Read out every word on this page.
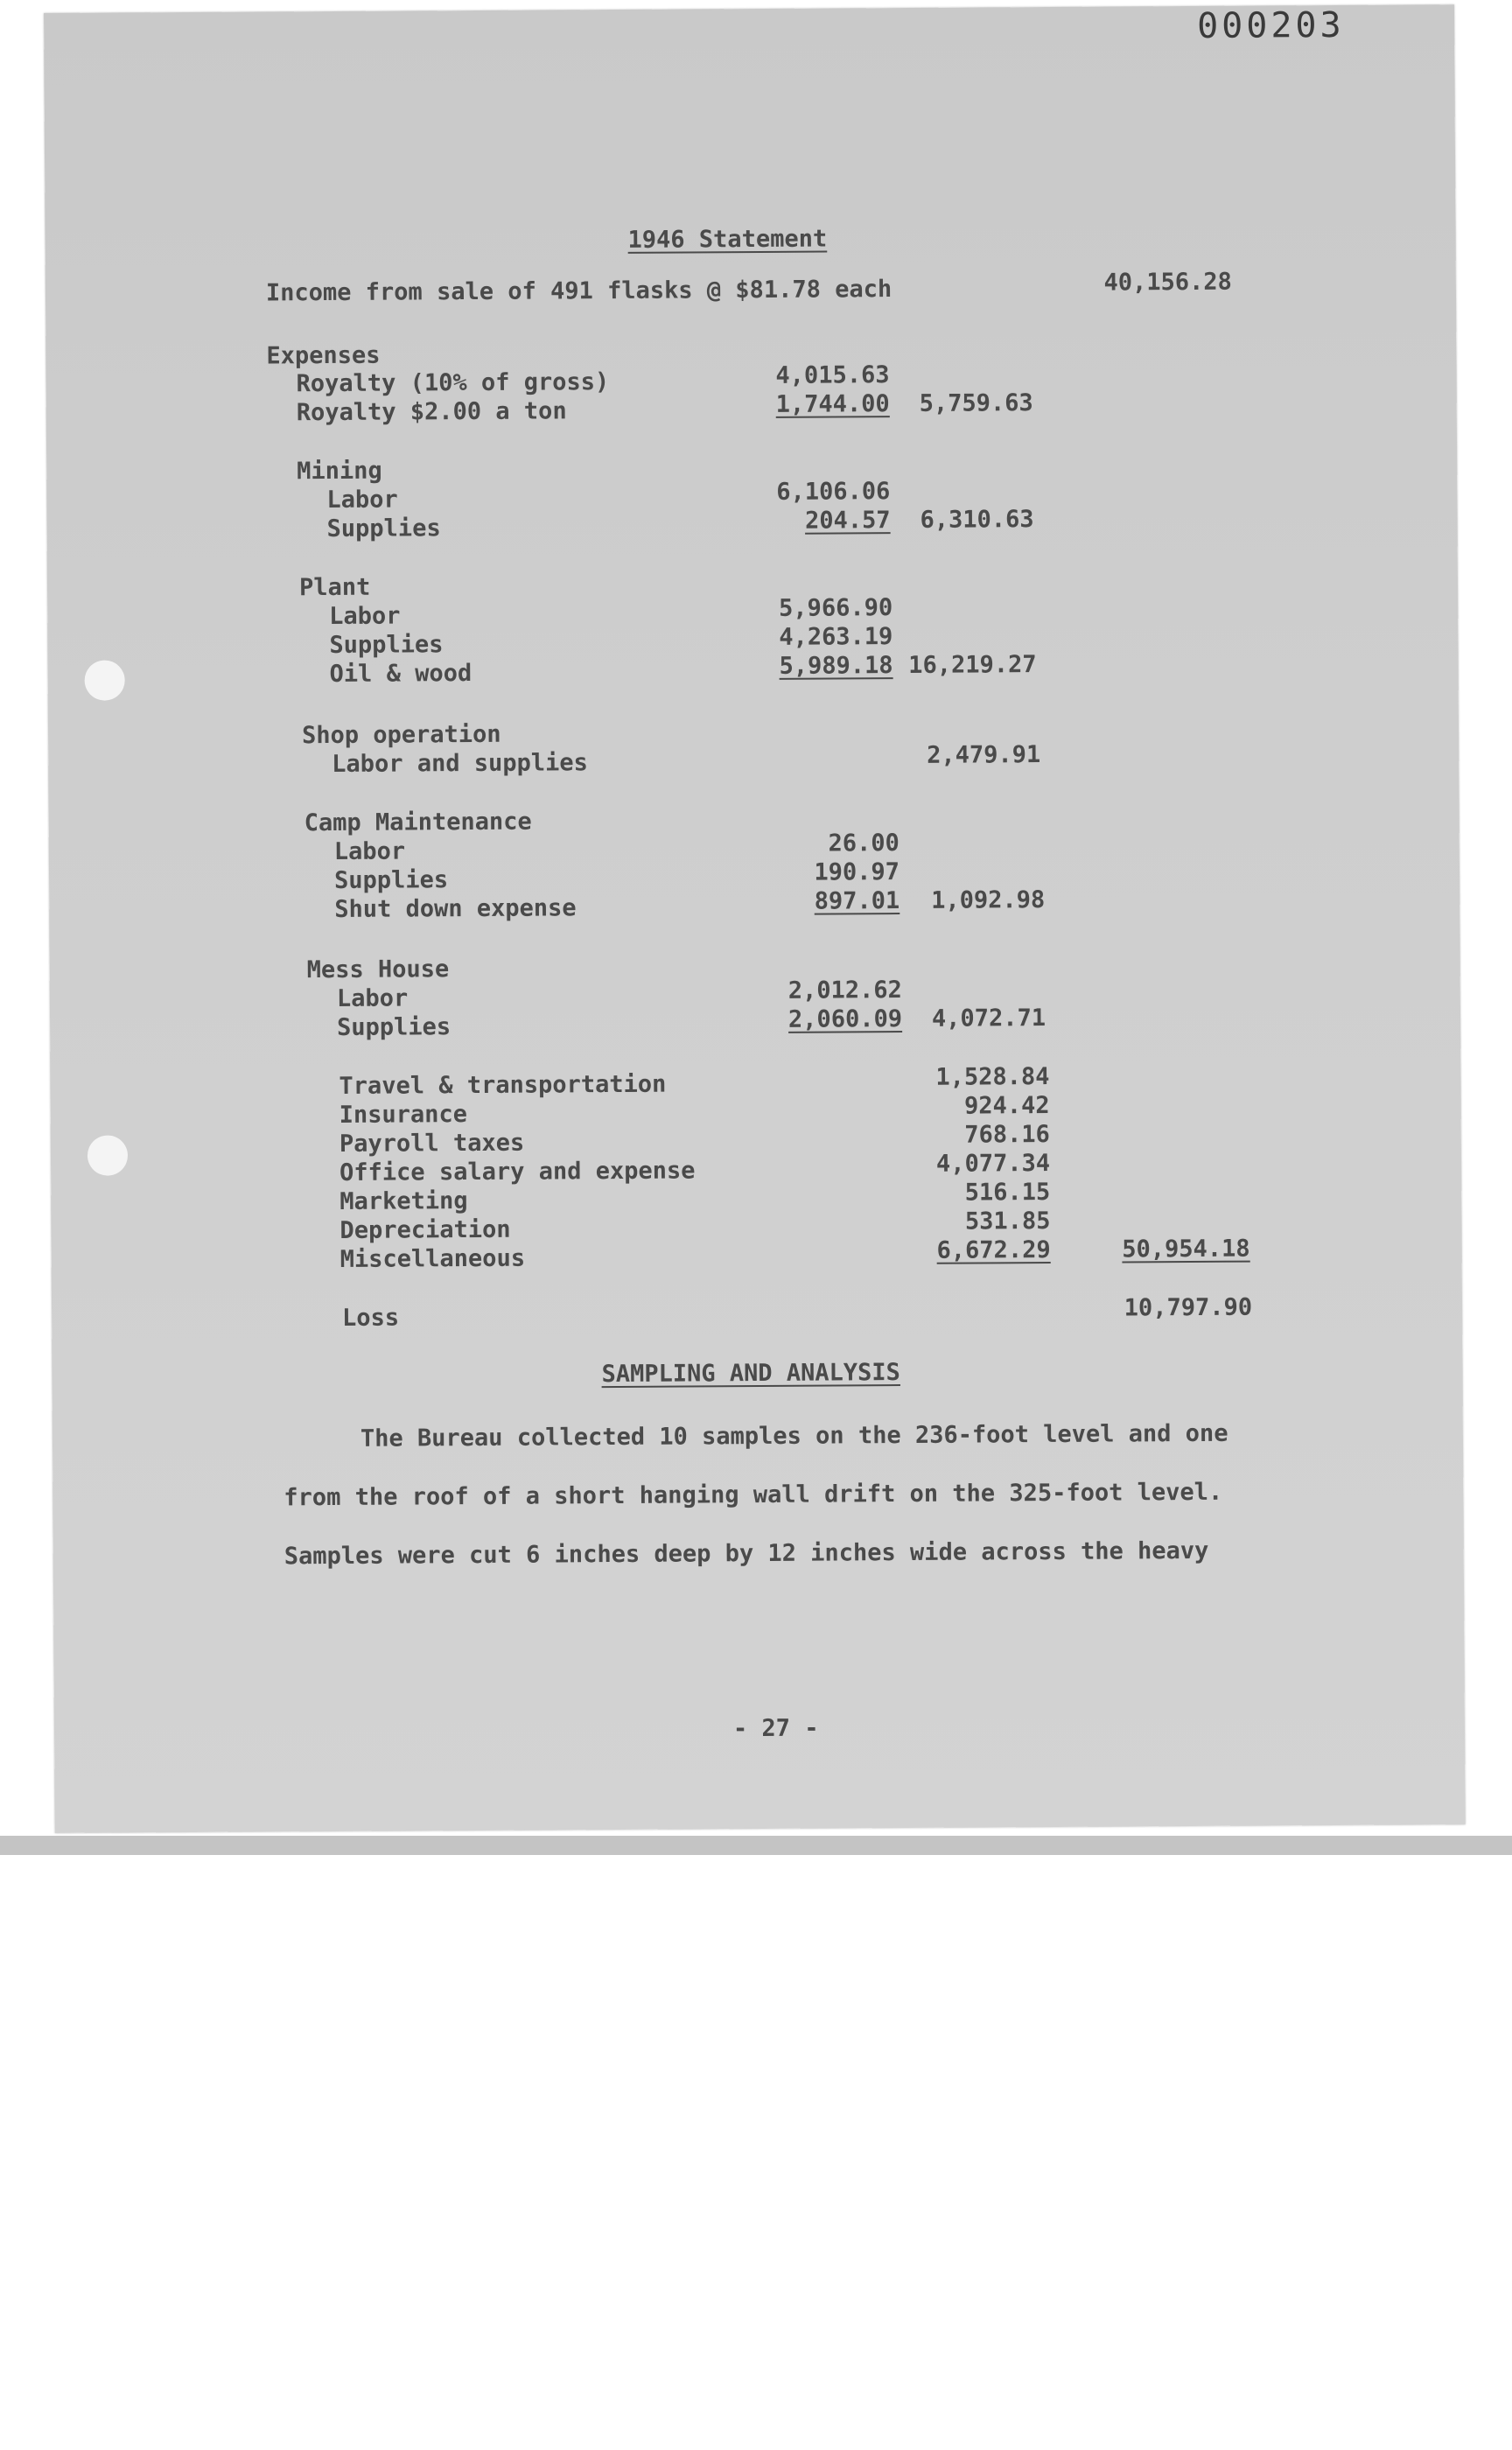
000203
1946 Statement
Income from sale of 491 flasks @ $81.78 each	40,156.28
Expenses
Royalty (10% of gross)	4,015.63
Royalty $2.00 a ton	1,744.00 5,759.63
Mining
Labor	6,106.06
Supplies	204.57 6,310.63
Plant
Labor	5,966.90
Supplies	4,263.19
Oil & wood	5,989.18 16,219.27
Shop operation
Labor and supplies	2,479.91
Camp Maintenance
Labor	26.00
Supplies	190.97
Shut down expense	897.01 1,092.98
Mess House
Labor	2,012.62
Supplies	2,060.09 4,072.71
Travel & transportation	1,528.84
Insurance	924.42
Payroll taxes	768.16
Office salary and expense	4,077.34
Marketing	516.15
Depreciation	531.85
Miscellaneous	6,672.29	50,954.18
Loss	10,797.90
SAMPLING AND ANALYSIS
The Bureau collected 10 samples on the 236-foot level and one
from the roof of a short hanging wall drift on the 325-foot level.
Samples were cut 6 inches deep by 12 inches wide across the heavy
- 27 -
